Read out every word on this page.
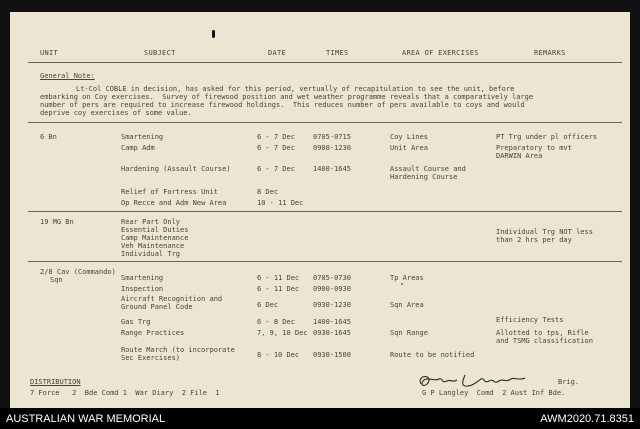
UNIT	SUBJECT	DATE	TIMES	AREA OF EXERCISES	REMARKS
General Note:
Lt-Col COBLE in decision, has asked for this period, vertually of recapitulation to see the unit, before
embarking on Coy exercises.  Survey of firewood position and wet weather programme reveals that a comparatively large
number of pers are required to increase firewood holdings.  This reduces number of pers available to coys and would
deprive coy exercises of some value.
6 Bn	Smartening	6 - 7 Dec	0705-0715	Coy Lines	PT Trg under pl officers
Camp Adm	6 - 7 Dec	0900-1230	Unit Area	Preparatory to mvt
DARWIN Area
Hardening (Assault Course)	6 - 7 Dec	1400-1645	Assault Course and
Hardening Course
Relief of Fortress Unit	8 Dec
Op Recce and Adm New Area	10 - 11 Dec
19 MG Bn	Rear Part Only
Essential Duties
Camp Maintenance
Veh Maintenance
Individual Trg
Individual Trg NOT less
than 2 hrs per day
2/8 Cav (Commando)
Sqn	Smartening	6 - 11 Dec 0705-0730	Tp Areas
Inspection	6 - 11 Dec 0900-0930	"
Aircraft Recognition and
Ground Panel Code	6 Dec	0930-1230	Sqn Area
Gas Trg	6 - 8 Dec	1400-1645	Efficiency Tests
Range Practices	7, 9, 10 Dec 0930-1645	Sqn Range	Allotted to tps, Rifle
and TSMG classification
Route March (to incorporate
Sec Exercises)	8 - 10 Dec 0930-1500	Route to be notified
DISTRIBUTION
7 Force   2  Bde Comd 1  War Diary  2 File  1
Brig.
G P Langley  Comd  2 Aust Inf Bde.
AUSTRALIAN WAR MEMORIAL	AWM2020.71.8351
